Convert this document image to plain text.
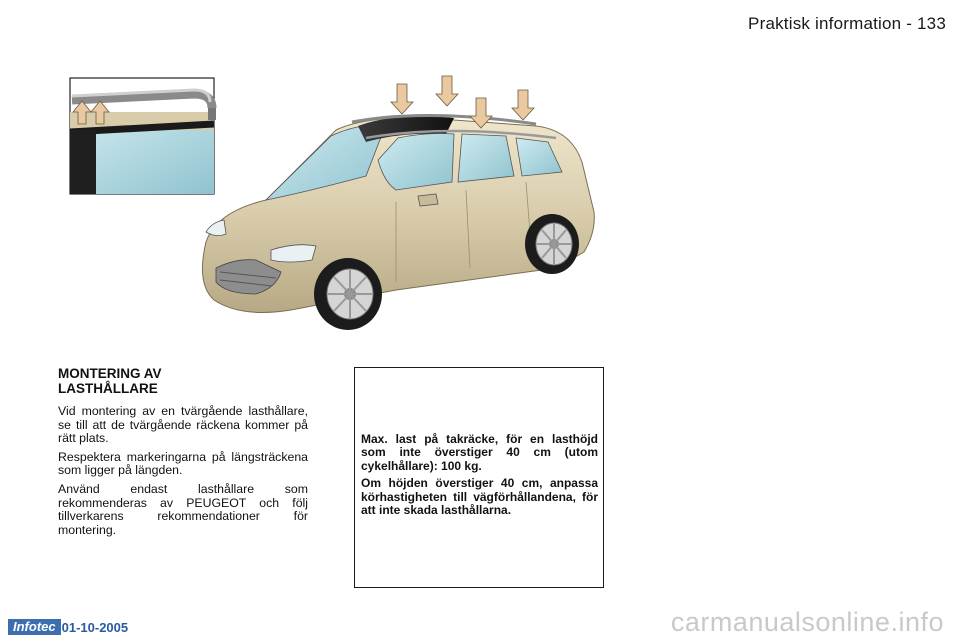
Praktisk information - 133
MONTERING AV LASTHÅLLARE

Vid montering av en tvärgående lasthållare, se till att de tvärgående räckena kommer på rätt plats.

Respektera markeringarna på längsträckena som ligger på längden.

Använd endast lasthållare som rekommenderas av PEUGEOT och följ tillverkarens rekommendationer för montering.

Max. last på takräcke, för en lasthöjd som inte överstiger 40 cm (utom cykelhållare): 100 kg.

Om höjden överstiger 40 cm, anpassa körhastigheten till vägförhållandena, för att inte skada lasthållarna.

Infotec 01-10-2005	carmanualsonline.info
